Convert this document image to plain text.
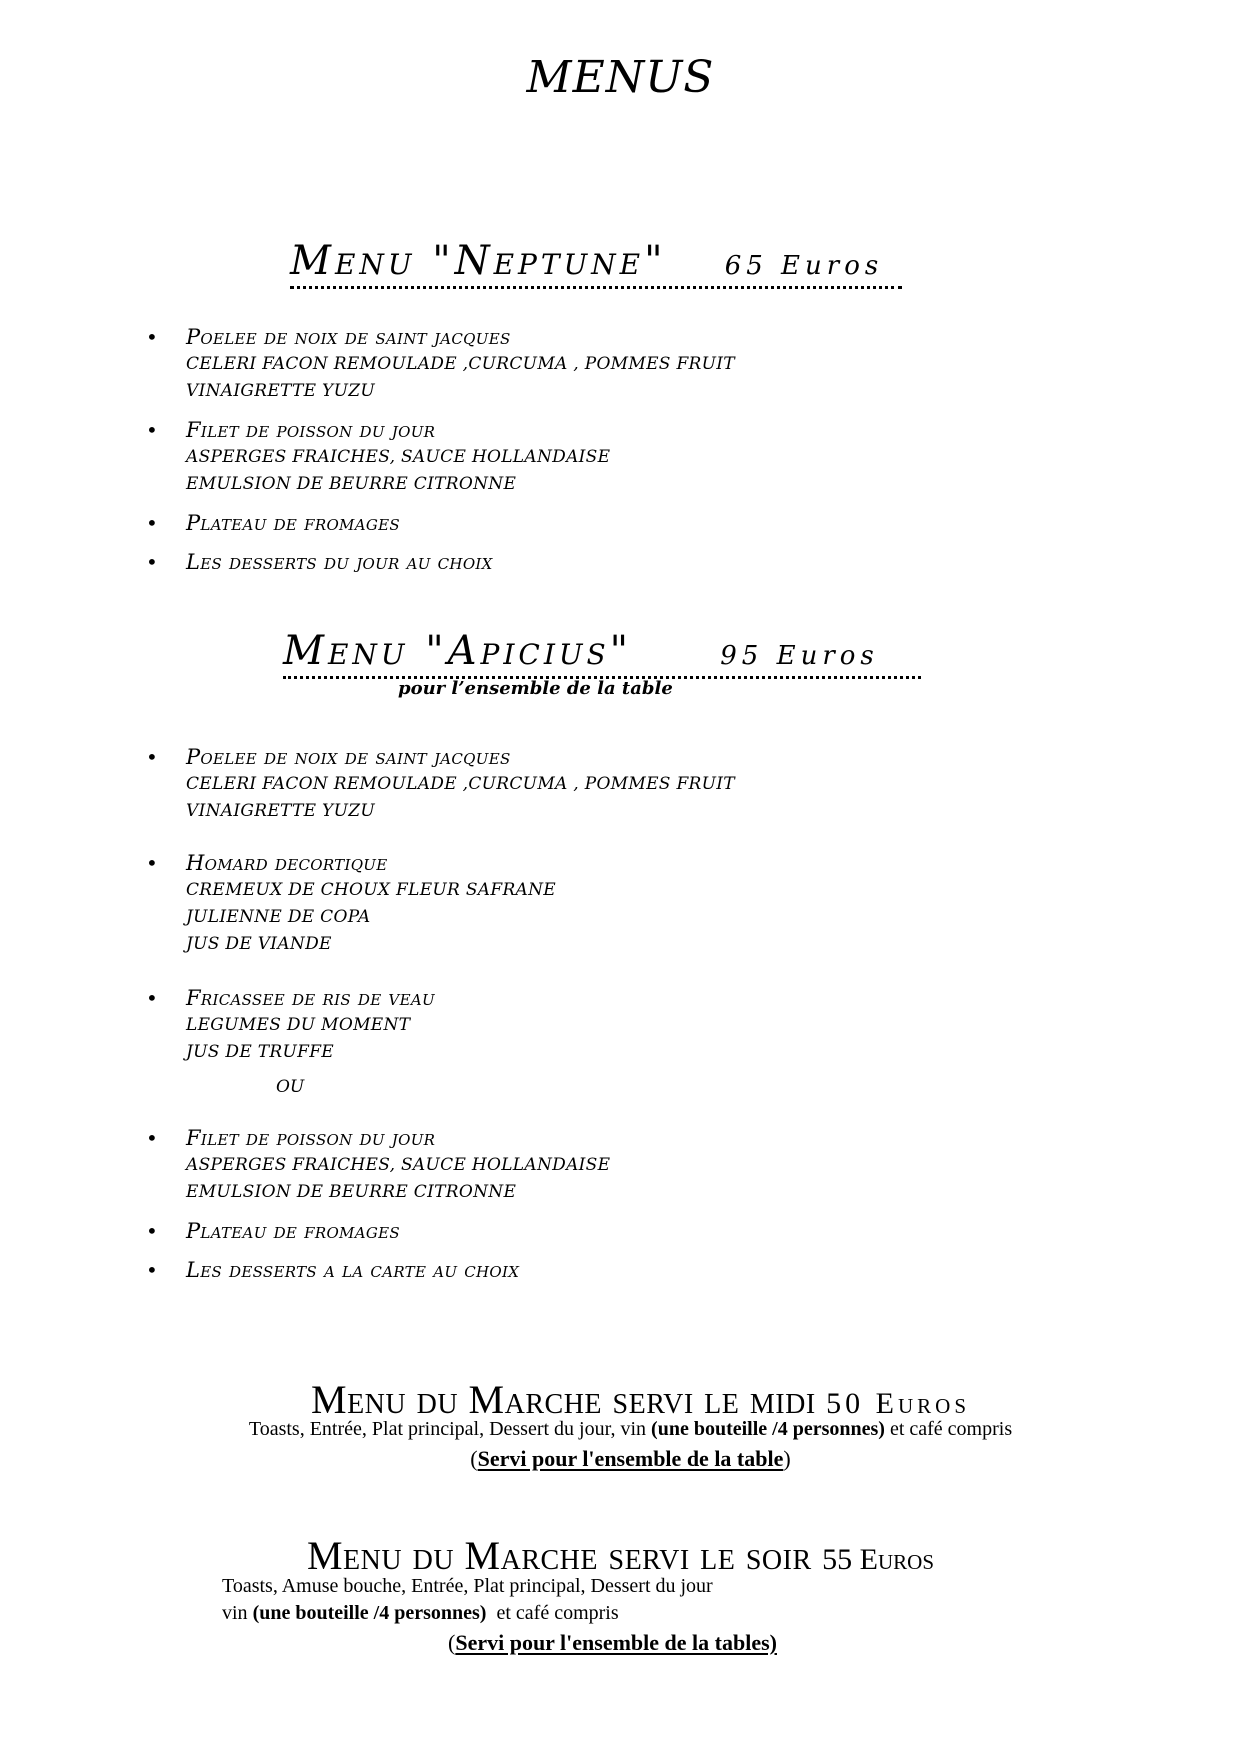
MENUS
Menu "Neptune" 65 Euros
• Poelee de noix de saint jacques
CELERI FACON REMOULADE ,CURCUMA , POMMES FRUIT
VINAIGRETTE YUZU
• Filet de poisson du jour
ASPERGES FRAICHES, SAUCE HOLLANDAISE
EMULSION DE BEURRE CITRONNE
• Plateau de fromages
• Les desserts du jour au choix
Menu "Apicius"	95 Euros
pour l’ensemble de la table
• Poelee de noix de saint jacques
CELERI FACON REMOULADE ,CURCUMA , POMMES FRUIT
VINAIGRETTE YUZU
• Homard decortique
CREMEUX DE CHOUX FLEUR SAFRANE
JULIENNE DE COPA
JUS DE VIANDE
• Fricassee de ris de veau
LEGUMES DU MOMENT
JUS DE TRUFFE
OU
• Filet de poisson du jour
ASPERGES FRAICHES, SAUCE HOLLANDAISE
EMULSION DE BEURRE CITRONNE
• Plateau de fromages
• Les desserts a la carte au choix
Menu du Marche servi le midi 50 Euros
Toasts, Entrée, Plat principal, Dessert du jour, vin (une bouteille /4 personnes) et café compris
(Servi pour l'ensemble de la table)
Menu du Marche servi le soir 55 Euros
Toasts, Amuse bouche, Entrée, Plat principal, Dessert du jour
vin (une bouteille /4 personnes)  et café compris
(Servi pour l'ensemble de la tables)
